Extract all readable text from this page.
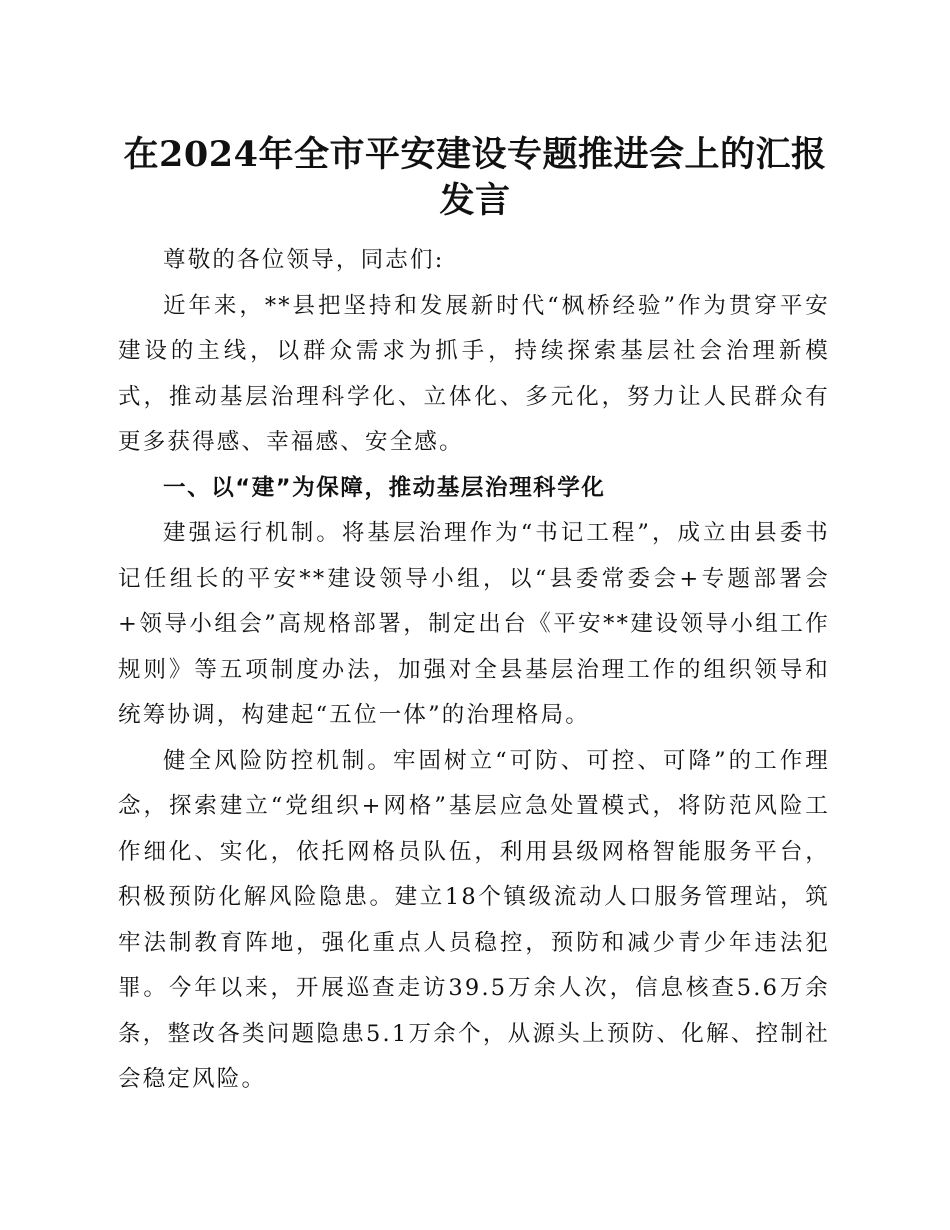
在2024年全市平安建设专题推进会上的汇报发言

尊敬的各位领导，同志们:

近年来，**县把坚持和发展新时代“枫桥经验”作为贯穿平安建设的主线，以群众需求为抓手，持续探索基层社会治理新模式，推动基层治理科学化、立体化、多元化，努力让人民群众有更多获得感、幸福感、安全感。

一、以“建”为保障，推动基层治理科学化

建强运行机制。将基层治理作为“书记工程”，成立由县委书记任组长的平安**建设领导小组，以“县委常委会+专题部署会+领导小组会”高规格部署，制定出台《平安**建设领导小组工作规则》等五项制度办法，加强对全县基层治理工作的组织领导和统筹协调，构建起“五位一体”的治理格局。

健全风险防控机制。牢固树立“可防、可控、可降”的工作理念，探索建立“党组织+网格”基层应急处置模式，将防范风险工作细化、实化，依托网格员队伍，利用县级网格智能服务平台，积极预防化解风险隐患。建立18个镇级流动人口服务管理站，筑牢法制教育阵地，强化重点人员稳控，预防和减少青少年违法犯罪。今年以来，开展巡查走访39.5万余人次，信息核查5.6万余条，整改各类问题隐患5.1万余个，从源头上预防、化解、控制社会稳定风险。
